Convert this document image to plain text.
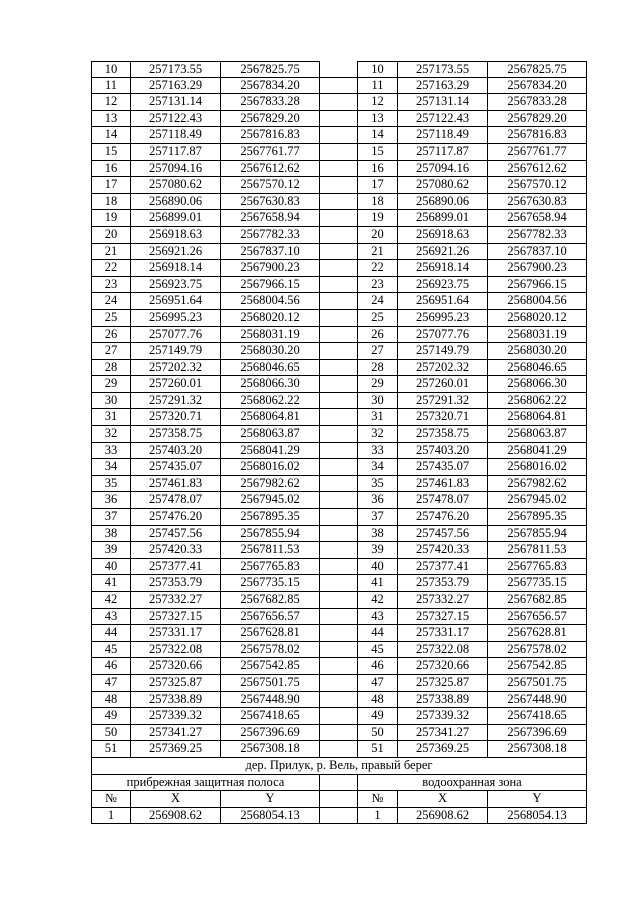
10	257173.55	2567825.75	10	257173.55	2567825.75
11	257163.29	2567834.20	11	257163.29	2567834.20
12	257131.14	2567833.28	12	257131.14	2567833.28
13	257122.43	2567829.20	13	257122.43	2567829.20
14	257118.49	2567816.83	14	257118.49	2567816.83
15	257117.87	2567761.77	15	257117.87	2567761.77
16	257094.16	2567612.62	16	257094.16	2567612.62
17	257080.62	2567570.12	17	257080.62	2567570.12
18	256890.06	2567630.83	18	256890.06	2567630.83
19	256899.01	2567658.94	19	256899.01	2567658.94
20	256918.63	2567782.33	20	256918.63	2567782.33
21	256921.26	2567837.10	21	256921.26	2567837.10
22	256918.14	2567900.23	22	256918.14	2567900.23
23	256923.75	2567966.15	23	256923.75	2567966.15
24	256951.64	2568004.56	24	256951.64	2568004.56
25	256995.23	2568020.12	25	256995.23	2568020.12
26	257077.76	2568031.19	26	257077.76	2568031.19
27	257149.79	2568030.20	27	257149.79	2568030.20
28	257202.32	2568046.65	28	257202.32	2568046.65
29	257260.01	2568066.30	29	257260.01	2568066.30
30	257291.32	2568062.22	30	257291.32	2568062.22
31	257320.71	2568064.81	31	257320.71	2568064.81
32	257358.75	2568063.87	32	257358.75	2568063.87
33	257403.20	2568041.29	33	257403.20	2568041.29
34	257435.07	2568016.02	34	257435.07	2568016.02
35	257461.83	2567982.62	35	257461.83	2567982.62
36	257478.07	2567945.02	36	257478.07	2567945.02
37	257476.20	2567895.35	37	257476.20	2567895.35
38	257457.56	2567855.94	38	257457.56	2567855.94
39	257420.33	2567811.53	39	257420.33	2567811.53
40	257377.41	2567765.83	40	257377.41	2567765.83
41	257353.79	2567735.15	41	257353.79	2567735.15
42	257332.27	2567682.85	42	257332.27	2567682.85
43	257327.15	2567656.57	43	257327.15	2567656.57
44	257331.17	2567628.81	44	257331.17	2567628.81
45	257322.08	2567578.02	45	257322.08	2567578.02
46	257320.66	2567542.85	46	257320.66	2567542.85
47	257325.87	2567501.75	47	257325.87	2567501.75
48	257338.89	2567448.90	48	257338.89	2567448.90
49	257339.32	2567418.65	49	257339.32	2567418.65
50	257341.27	2567396.69	50	257341.27	2567396.69
51	257369.25	2567308.18	51	257369.25	2567308.18
дер. Прилук, р. Вель, правый берег
прибрежная защитная полоса	водоохранная зона
№	X	Y	№	X	Y
1	256908.62	2568054.13	1	256908.62	2568054.13
